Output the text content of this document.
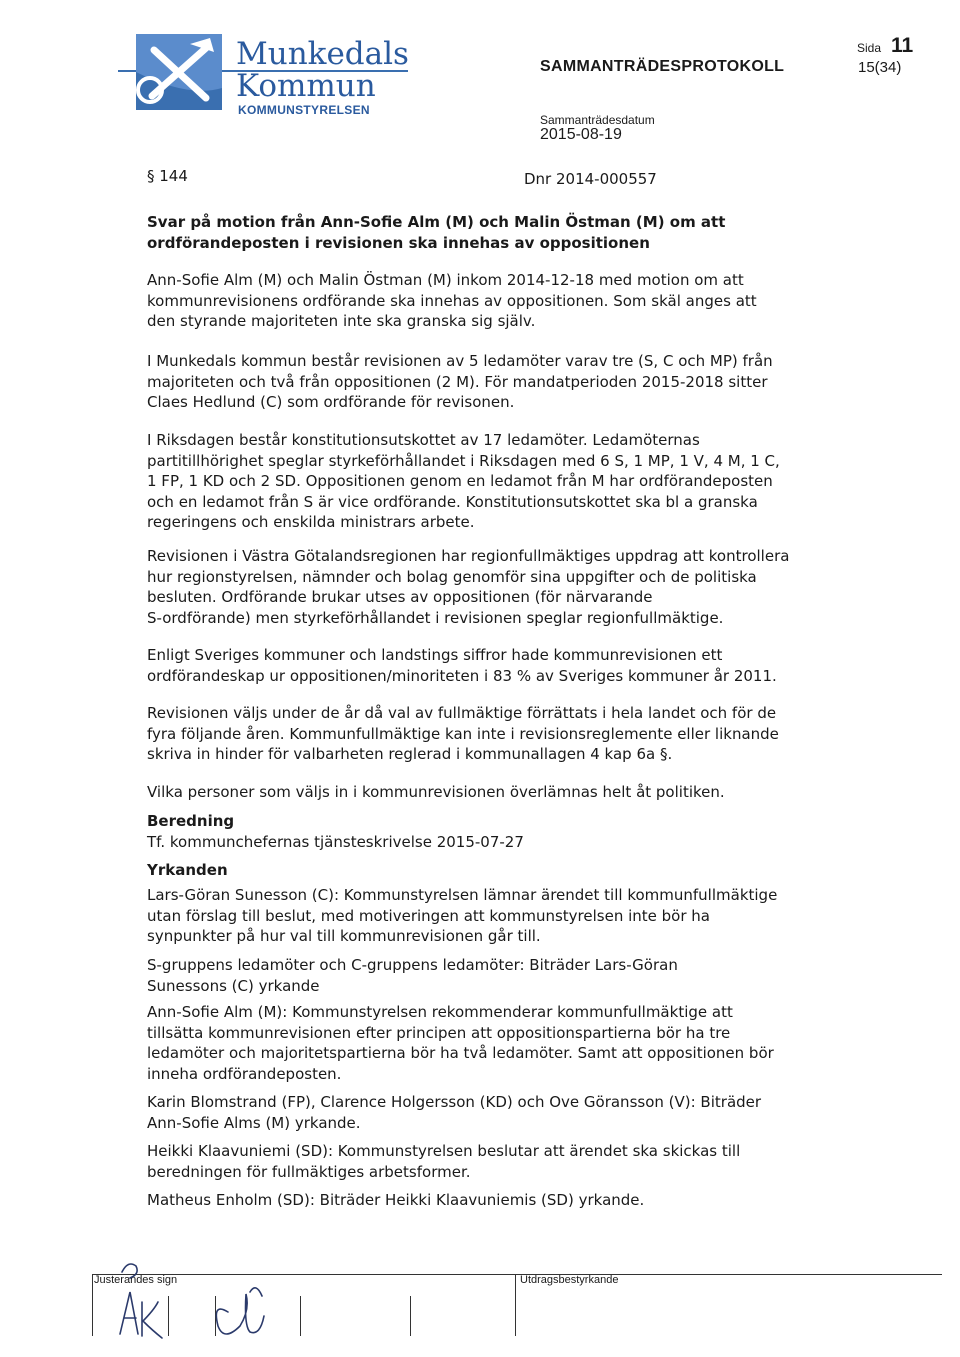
Munkedals
Kommun
KOMMUNSTYRELSEN
SAMMANTRÄDESPROTOKOLL
Sida 11
15(34)
Sammanträdesdatum
2015-08-19
§ 144	Dnr 2014-000557
Svar på motion från Ann-Sofie Alm (M) och Malin Östman (M) om att
ordförandeposten i revisionen ska innehas av oppositionen
Ann-Sofie Alm (M) och Malin Östman (M) inkom 2014-12-18 med motion om att
kommunrevisionens ordförande ska innehas av oppositionen. Som skäl anges att
den styrande majoriteten inte ska granska sig själv.
I Munkedals kommun består revisionen av 5 ledamöter varav tre (S, C och MP) från
majoriteten och två från oppositionen (2 M). För mandatperioden 2015-2018 sitter
Claes Hedlund (C) som ordförande för revisonen.
I Riksdagen består konstitutionsutskottet av 17 ledamöter. Ledamöternas
partitillhörighet speglar styrkeförhållandet i Riksdagen med 6 S, 1 MP, 1 V, 4 M, 1 C,
1 FP, 1 KD och 2 SD. Oppositionen genom en ledamot från M har ordförandeposten
och en ledamot från S är vice ordförande. Konstitutionsutskottet ska bl a granska
regeringens och enskilda ministrars arbete.
Revisionen i Västra Götalandsregionen har regionfullmäktiges uppdrag att kontrollera
hur regionstyrelsen, nämnder och bolag genomför sina uppgifter och de politiska
besluten. Ordförande brukar utses av oppositionen (för närvarande
S-ordförande) men styrkeförhållandet i revisionen speglar regionfullmäktige.
Enligt Sveriges kommuner och landstings siffror hade kommunrevisionen ett
ordförandeskap ur oppositionen/minoriteten i 83 % av Sveriges kommuner år 2011.
Revisionen väljs under de år då val av fullmäktige förrättats i hela landet och för de
fyra följande åren. Kommunfullmäktige kan inte i revisionsreglemente eller liknande
skriva in hinder för valbarheten reglerad i kommunallagen 4 kap 6a §.
Vilka personer som väljs in i kommunrevisionen överlämnas helt åt politiken.
Beredning
Tf. kommunchefernas tjänsteskrivelse 2015-07-27
Yrkanden
Lars-Göran Sunesson (C): Kommunstyrelsen lämnar ärendet till kommunfullmäktige
utan förslag till beslut, med motiveringen att kommunstyrelsen inte bör ha
synpunkter på hur val till kommunrevisionen går till.
S-gruppens ledamöter och C-gruppens ledamöter: Biträder Lars-Göran
Sunessons (C) yrkande
Ann-Sofie Alm (M): Kommunstyrelsen rekommenderar kommunfullmäktige att
tillsätta kommunrevisionen efter principen att oppositionspartierna bör ha tre
ledamöter och majoritetspartierna bör ha två ledamöter. Samt att oppositionen bör
inneha ordförandeposten.
Karin Blomstrand (FP), Clarence Holgersson (KD) och Ove Göransson (V): Biträder
Ann-Sofie Alms (M) yrkande.
Heikki Klaavuniemi (SD): Kommunstyrelsen beslutar att ärendet ska skickas till
beredningen för fullmäktiges arbetsformer.
Matheus Enholm (SD): Biträder Heikki Klaavuniemis (SD) yrkande.
Justerandes sign	Utdragsbestyrkande
